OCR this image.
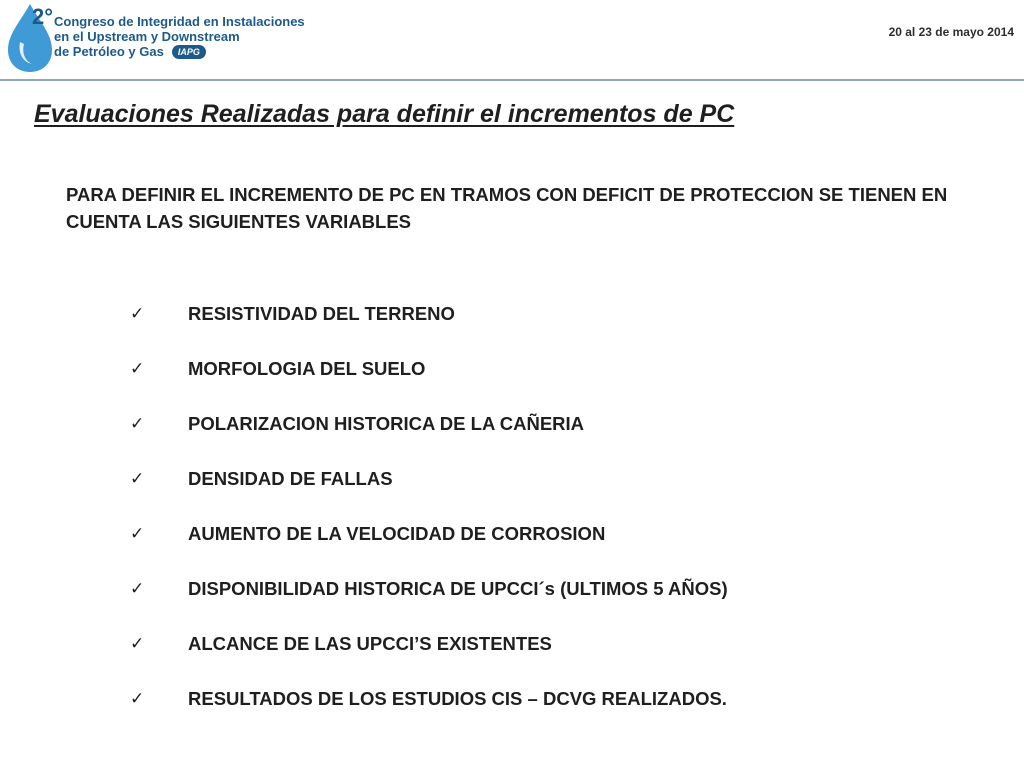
2° Congreso de Integridad en Instalaciones
en el Upstream y Downstream
de Petróleo y Gas	IAPG
20 al 23 de mayo 2014
Evaluaciones Realizadas para definir el incrementos de PC
PARA DEFINIR EL INCREMENTO DE PC EN TRAMOS CON DEFICIT DE PROTECCION SE TIENEN EN CUENTA LAS SIGUIENTES VARIABLES
✓	RESISTIVIDAD DEL TERRENO
✓	MORFOLOGIA DEL SUELO
✓	POLARIZACION HISTORICA DE LA CAÑERIA
✓	DENSIDAD DE FALLAS
✓	AUMENTO DE LA VELOCIDAD DE CORROSION
✓	DISPONIBILIDAD HISTORICA DE UPCCI´s (ULTIMOS 5 AÑOS)
✓	ALCANCE DE LAS UPCCI’S EXISTENTES
✓	RESULTADOS DE LOS ESTUDIOS CIS – DCVG REALIZADOS.
